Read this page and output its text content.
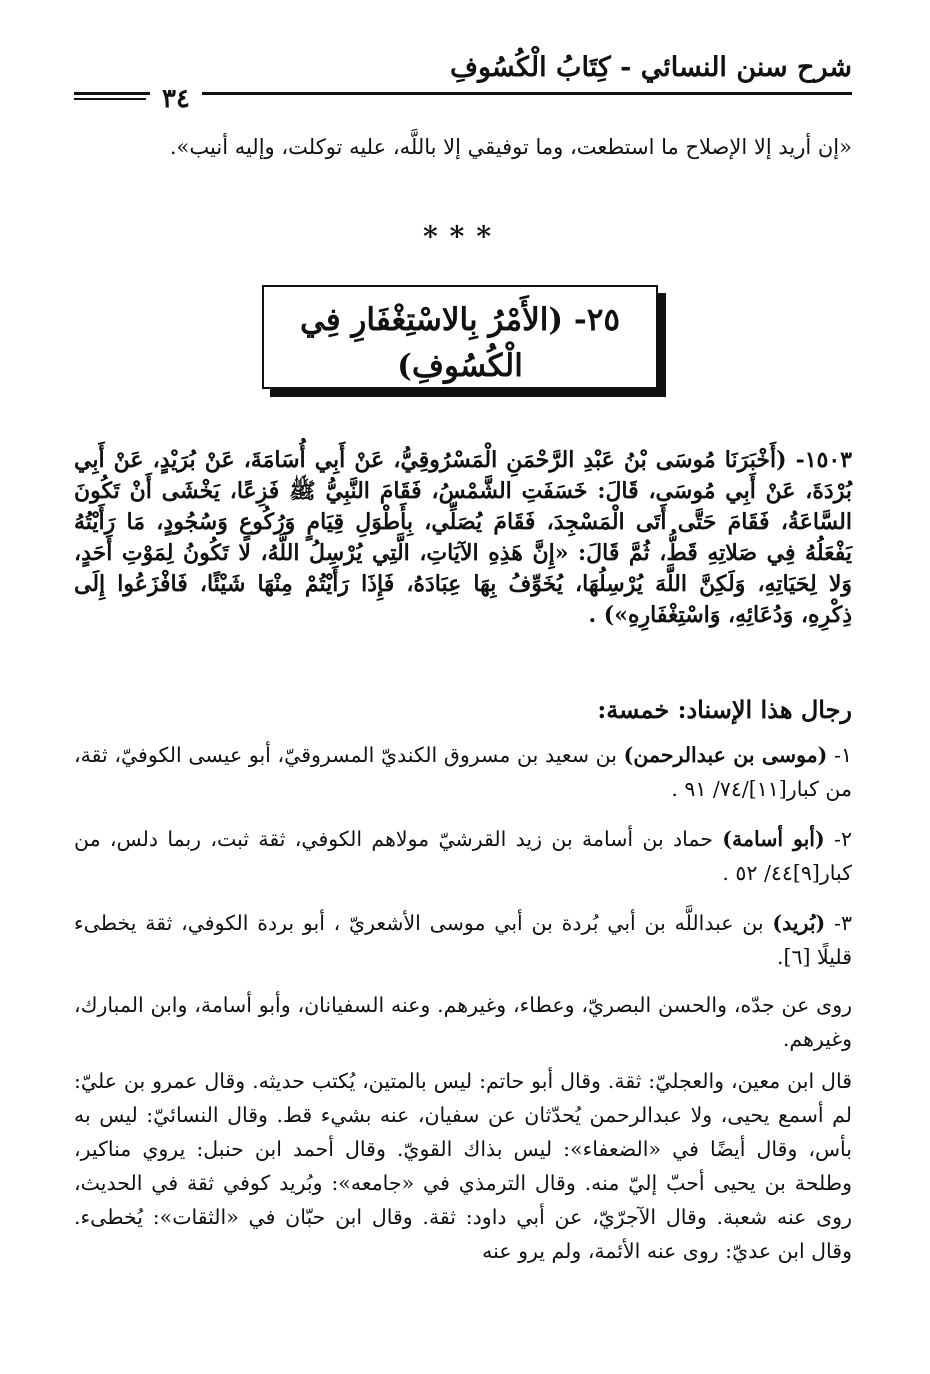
شرح سنن النسائي - كِتَابُ الْكُسُوفِ
٣٤
«إن أريد إلا الإصلاح ما استطعت، وما توفيقي إلا باللَّه، عليه توكلت، وإليه أنيب».
***
٢٥- (الأَمْرُ بِالاسْتِغْفَارِ فِي
الْكُسُوفِ)
١٥٠٣- (أَخْبَرَنَا مُوسَى بْنُ عَبْدِ الرَّحْمَنِ الْمَسْرُوقِيُّ، عَنْ أَبِي أُسَامَةَ، عَنْ بُرَيْدٍ، عَنْ أَبِي بُرْدَةَ، عَنْ أَبِي مُوسَى، قَالَ: خَسَفَتِ الشَّمْسُ، فَقَامَ النَّبِيُّ ﷺ فَزِعًا، يَخْشَى أَنْ تَكُونَ السَّاعَةُ، فَقَامَ حَتَّى أَتَى الْمَسْجِدَ، فَقَامَ يُصَلِّي، بِأَطْوَلِ قِيَامٍ وَرُكُوعٍ وَسُجُودٍ، مَا رَأَيْتُهُ يَفْعَلُهُ فِي صَلاتِهِ قَطُّ، ثُمَّ قَالَ: «إِنَّ هَذِهِ الآيَاتِ، الَّتِي يُرْسِلُ اللَّهُ، لا تَكُونُ لِمَوْتِ أَحَدٍ، وَلا لِحَيَاتِهِ، وَلَكِنَّ اللَّهَ يُرْسِلُهَا، يُخَوِّفُ بِهَا عِبَادَهُ، فَإِذَا رَأَيْتُمْ مِنْهَا شَيْئًا، فَافْزَعُوا إِلَى ذِكْرِهِ، وَدُعَائِهِ، وَاسْتِغْفَارِهِ») .
رجال هذا الإسناد: خمسة:
١- (موسى بن عبدالرحمن) بن سعيد بن مسروق الكنديّ المسروقيّ، أبو عيسى الكوفيّ، ثقة، من كبار[١١]/٧٤/ ٩١ .
٢- (أبو أسامة) حماد بن أسامة بن زيد القرشيّ مولاهم الكوفي، ثقة ثبت، ربما دلس، من كبار[٩]٤٤/ ٥٢ .
٣- (بُريد) بن عبداللَّه بن أبي بُردة بن أبي موسى الأشعريّ ، أبو بردة الكوفي، ثقة يخطىء قليلًا [٦].
روى عن جدّه، والحسن البصريّ، وعطاء، وغيرهم. وعنه السفيانان، وأبو أسامة، وابن المبارك، وغيرهم.
قال ابن معين، والعجليّ: ثقة. وقال أبو حاتم: ليس بالمتين، يُكتب حديثه. وقال عمرو بن عليّ: لم أسمع يحيى، ولا عبدالرحمن يُحدّثان عن سفيان، عنه بشيء قط. وقال النسائيّ: ليس به بأس، وقال أيضًا في «الضعفاء»: ليس بذاك القويّ. وقال أحمد ابن حنبل: يروي مناكير، وطلحة بن يحيى أحبّ إليّ منه. وقال الترمذي في «جامعه»: وبُريد كوفي ثقة في الحديث، روى عنه شعبة. وقال الآجرّيّ، عن أبي داود: ثقة. وقال ابن حبّان في «الثقات»: يُخطىء. وقال ابن عديّ: روى عنه الأئمة، ولم يرو عنه
